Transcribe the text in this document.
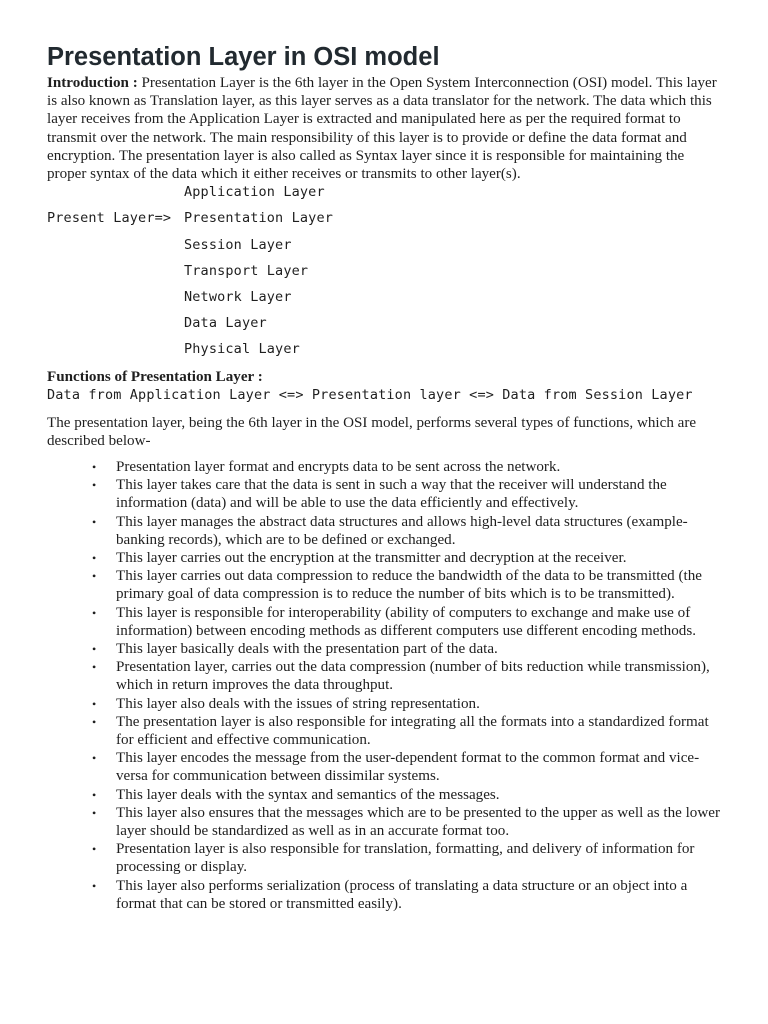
Presentation Layer in OSI model

Introduction : Presentation Layer is the 6th layer in the Open System Interconnection (OSI) model. This layer is also known as Translation layer, as this layer serves as a data translator for the network. The data which this layer receives from the Application Layer is extracted and manipulated here as per the required format to transmit over the network. The main responsibility of this layer is to provide or define the data format and encryption. The presentation layer is also called as Syntax layer since it is responsible for maintaining the proper syntax of the data which it either receives or transmits to other layer(s).

Application Layer
Present Layer=> Presentation Layer
Session Layer
Transport Layer
Network Layer
Data Layer
Physical Layer

Functions of Presentation Layer :

Data from Application Layer <=> Presentation layer <=> Data from Session Layer

The presentation layer, being the 6th layer in the OSI model, performs several types of functions, which are described below-

• Presentation layer format and encrypts data to be sent across the network.
• This layer takes care that the data is sent in such a way that the receiver will understand the information (data) and will be able to use the data efficiently and effectively.
• This layer manages the abstract data structures and allows high-level data structures (example- banking records), which are to be defined or exchanged.
• This layer carries out the encryption at the transmitter and decryption at the receiver.
• This layer carries out data compression to reduce the bandwidth of the data to be transmitted (the primary goal of data compression is to reduce the number of bits which is to be transmitted).
• This layer is responsible for interoperability (ability of computers to exchange and make use of information) between encoding methods as different computers use different encoding methods.
• This layer basically deals with the presentation part of the data.
• Presentation layer, carries out the data compression (number of bits reduction while transmission), which in return improves the data throughput.
• This layer also deals with the issues of string representation.
• The presentation layer is also responsible for integrating all the formats into a standardized format for efficient and effective communication.
• This layer encodes the message from the user-dependent format to the common format and vice-versa for communication between dissimilar systems.
• This layer deals with the syntax and semantics of the messages.
• This layer also ensures that the messages which are to be presented to the upper as well as the lower layer should be standardized as well as in an accurate format too.
• Presentation layer is also responsible for translation, formatting, and delivery of information for processing or display.
• This layer also performs serialization (process of translating a data structure or an object into a format that can be stored or transmitted easily).
